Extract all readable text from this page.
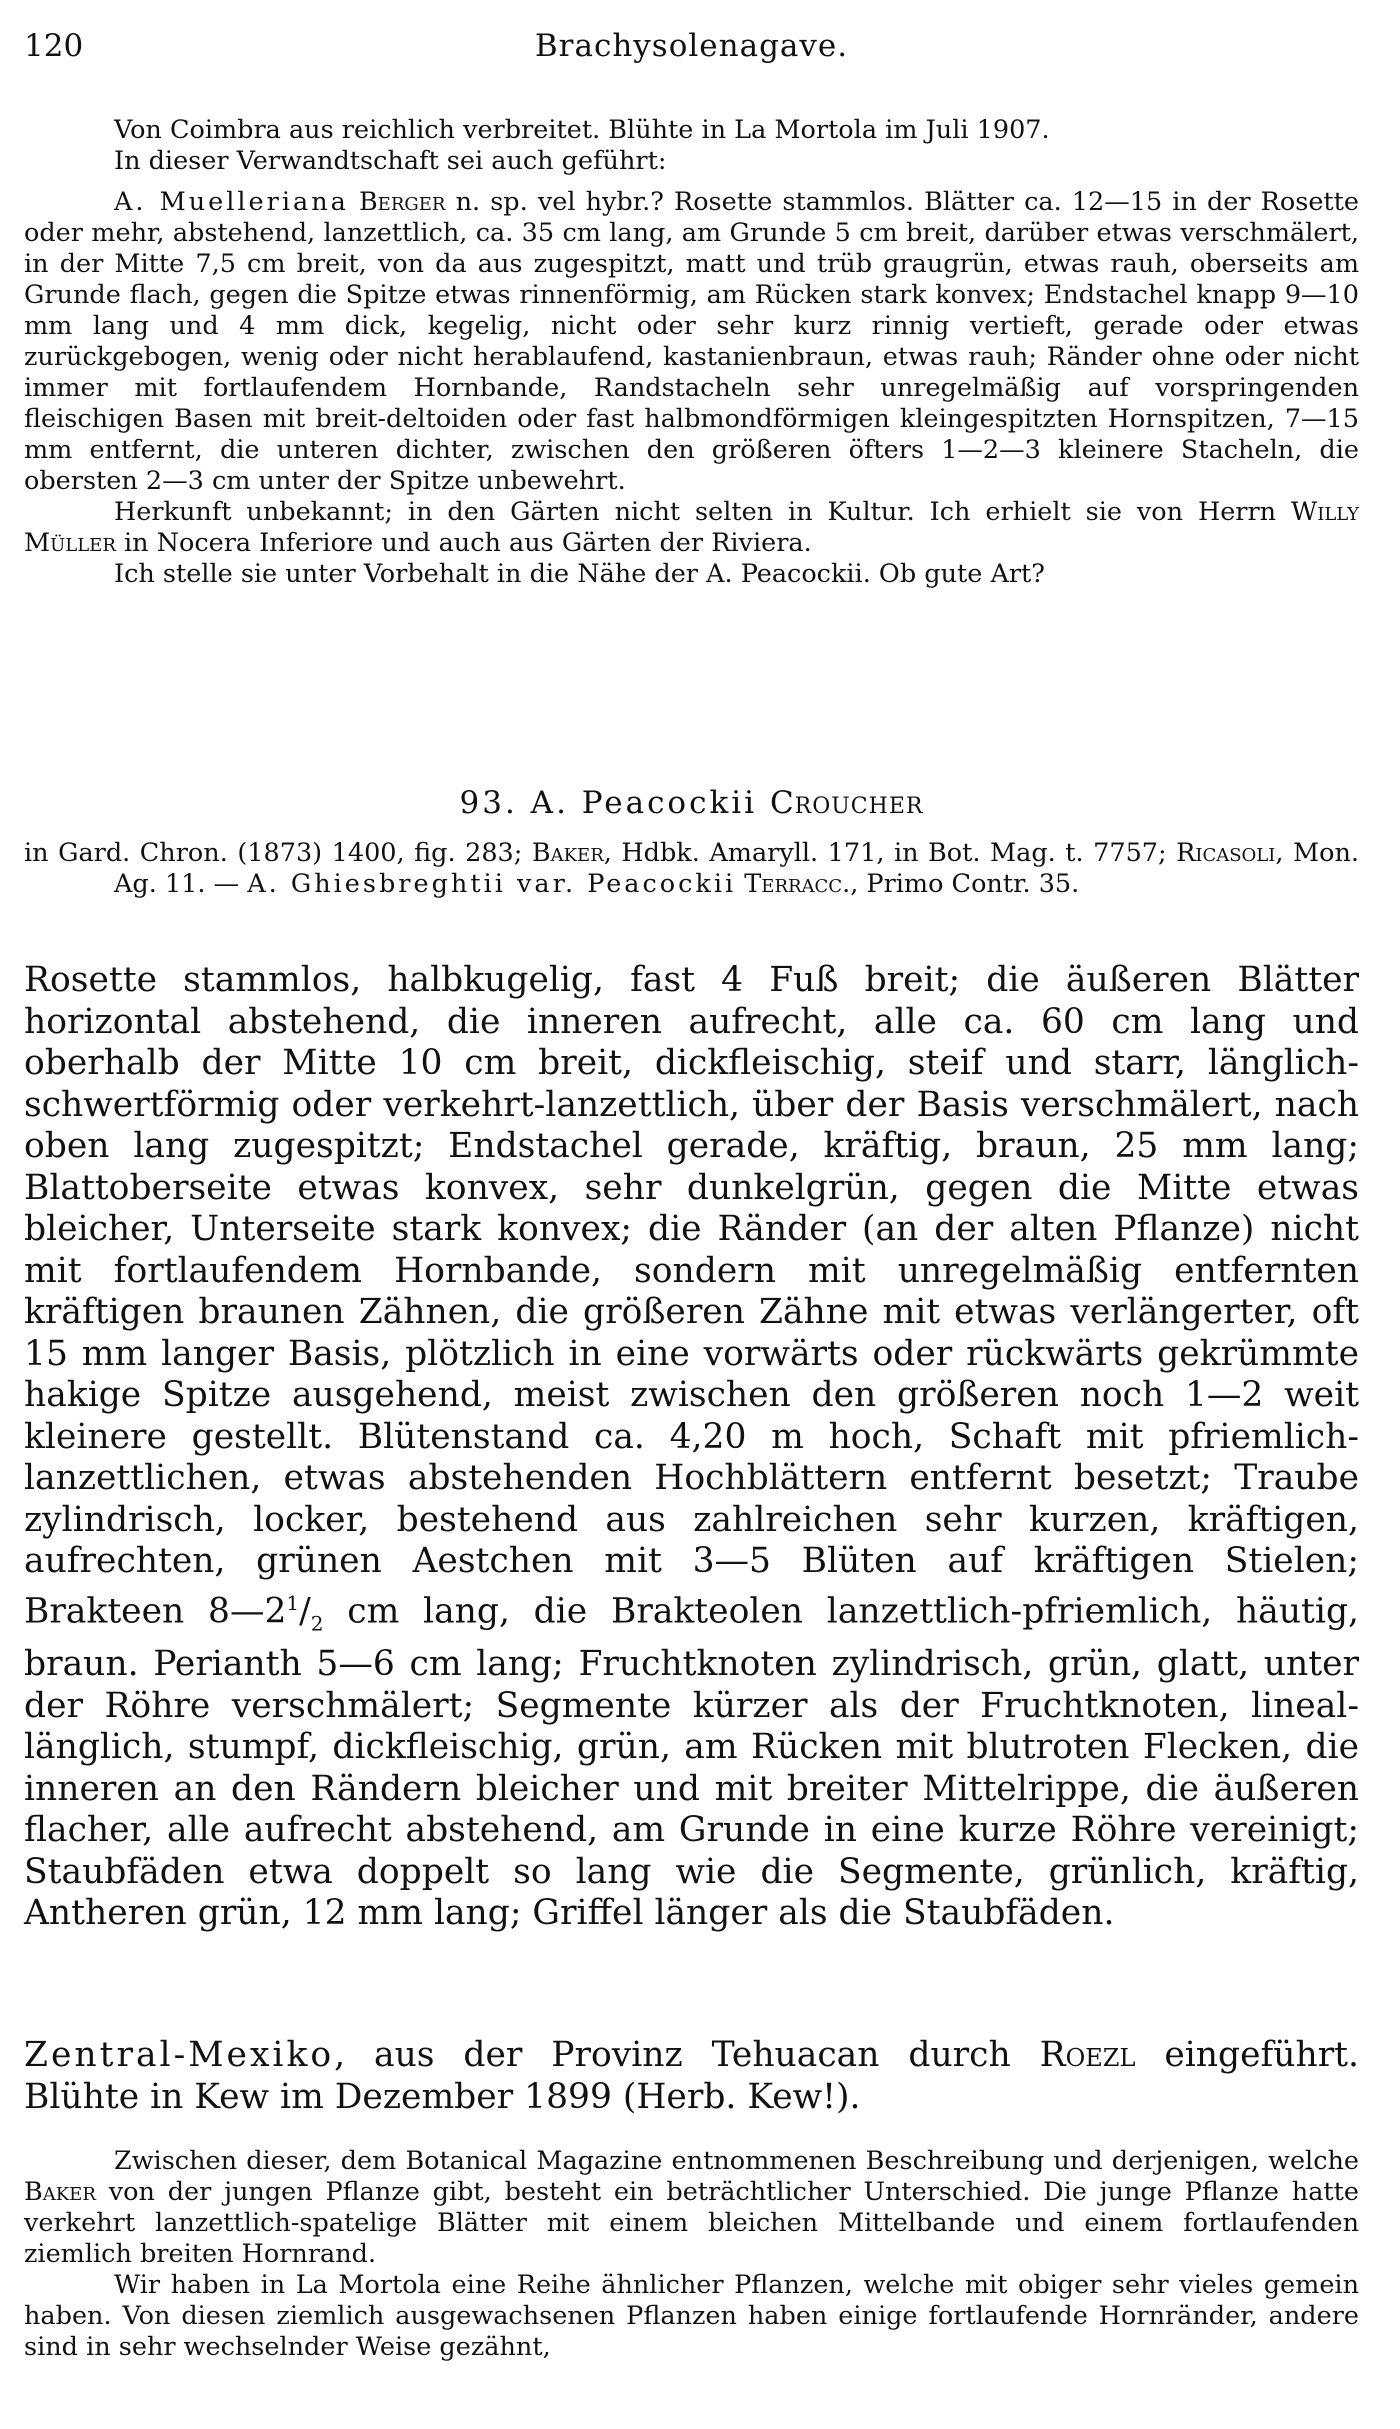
120	Brachysolenagave.

Von Coimbra aus reichlich verbreitet. Blühte in La Mortola im Juli 1907.

In dieser Verwandtschaft sei auch geführt:

A. Muelleriana Berger n. sp. vel hybr.? Rosette stammlos. Blätter ca. 12—15 in der Rosette oder mehr, abstehend, lanzettlich, ca. 35 cm lang, am Grunde 5 cm breit, darüber etwas verschmälert, in der Mitte 7,5 cm breit, von da aus zugespitzt, matt und trüb graugrün, etwas rauh, oberseits am Grunde flach, gegen die Spitze etwas rinnenförmig, am Rücken stark konvex; Endstachel knapp 9—10 mm lang und 4 mm dick, kegelig, nicht oder sehr kurz rinnig vertieft, gerade oder etwas zurückgebogen, wenig oder nicht herablaufend, kastanienbraun, etwas rauh; Ränder ohne oder nicht immer mit fortlaufendem Hornbande, Randstacheln sehr unregelmäßig auf vorspringenden fleischigen Basen mit breit-deltoiden oder fast halbmondförmigen kleingespitzten Hornspitzen, 7—15 mm entfernt, die unteren dichter, zwischen den größeren öfters 1—2—3 kleinere Stacheln, die obersten 2—3 cm unter der Spitze unbewehrt.

Herkunft unbekannt; in den Gärten nicht selten in Kultur. Ich erhielt sie von Herrn Willy Müller in Nocera Inferiore und auch aus Gärten der Riviera.

Ich stelle sie unter Vorbehalt in die Nähe der A. Peacockii. Ob gute Art?

93. A. Peacockii Croucher

in Gard. Chron. (1873) 1400, fig. 283; Baker, Hdbk. Amaryll. 171, in Bot. Mag. t. 7757; Ricasoli, Mon. Ag. 11. — A. Ghiesbreghtii var. Peacockii Terracc., Primo Contr. 35.

Rosette stammlos, halbkugelig, fast 4 Fuß breit; die äußeren Blätter horizontal abstehend, die inneren aufrecht, alle ca. 60 cm lang und oberhalb der Mitte 10 cm breit, dickfleischig, steif und starr, länglich-schwertförmig oder verkehrt-lanzettlich, über der Basis verschmälert, nach oben lang zugespitzt; Endstachel gerade, kräftig, braun, 25 mm lang; Blattoberseite etwas konvex, sehr dunkelgrün, gegen die Mitte etwas bleicher, Unterseite stark konvex; die Ränder (an der alten Pflanze) nicht mit fortlaufendem Hornbande, sondern mit unregelmäßig entfernten kräftigen braunen Zähnen, die größeren Zähne mit etwas verlängerter, oft 15 mm langer Basis, plötzlich in eine vorwärts oder rückwärts gekrümmte hakige Spitze ausgehend, meist zwischen den größeren noch 1—2 weit kleinere gestellt. Blütenstand ca. 4,20 m hoch, Schaft mit pfriemlich-lanzettlichen, etwas abstehenden Hochblättern entfernt besetzt; Traube zylindrisch, locker, bestehend aus zahlreichen sehr kurzen, kräftigen, aufrechten, grünen Aestchen mit 3—5 Blüten auf kräftigen Stielen; Brakteen $8—2^1/_2$ cm lang, die Brakteolen lanzettlich-pfriemlich, häutig, braun. Perianth 5—6 cm lang; Fruchtknoten zylindrisch, grün, glatt, unter der Röhre verschmälert; Segmente kürzer als der Fruchtknoten, lineal-länglich, stumpf, dickfleischig, grün, am Rücken mit blutroten Flecken, die inneren an den Rändern bleicher und mit breiter Mittelrippe, die äußeren flacher, alle aufrecht abstehend, am Grunde in eine kurze Röhre vereinigt; Staubfäden etwa doppelt so lang wie die Segmente, grünlich, kräftig, Antheren grün, 12 mm lang; Griffel länger als die Staubfäden.

Zentral-Mexiko, aus der Provinz Tehuacan durch Roezl eingeführt. Blühte in Kew im Dezember 1899 (Herb. Kew!).

Zwischen dieser, dem Botanical Magazine entnommenen Beschreibung und derjenigen, welche Baker von der jungen Pflanze gibt, besteht ein beträchtlicher Unterschied. Die junge Pflanze hatte verkehrt lanzettlich-spatelige Blätter mit einem bleichen Mittelbande und einem fortlaufenden ziemlich breiten Hornrand.

Wir haben in La Mortola eine Reihe ähnlicher Pflanzen, welche mit obiger sehr vieles gemein haben. Von diesen ziemlich ausgewachsenen Pflanzen haben einige fortlaufende Hornränder, andere sind in sehr wechselnder Weise gezähnt,
